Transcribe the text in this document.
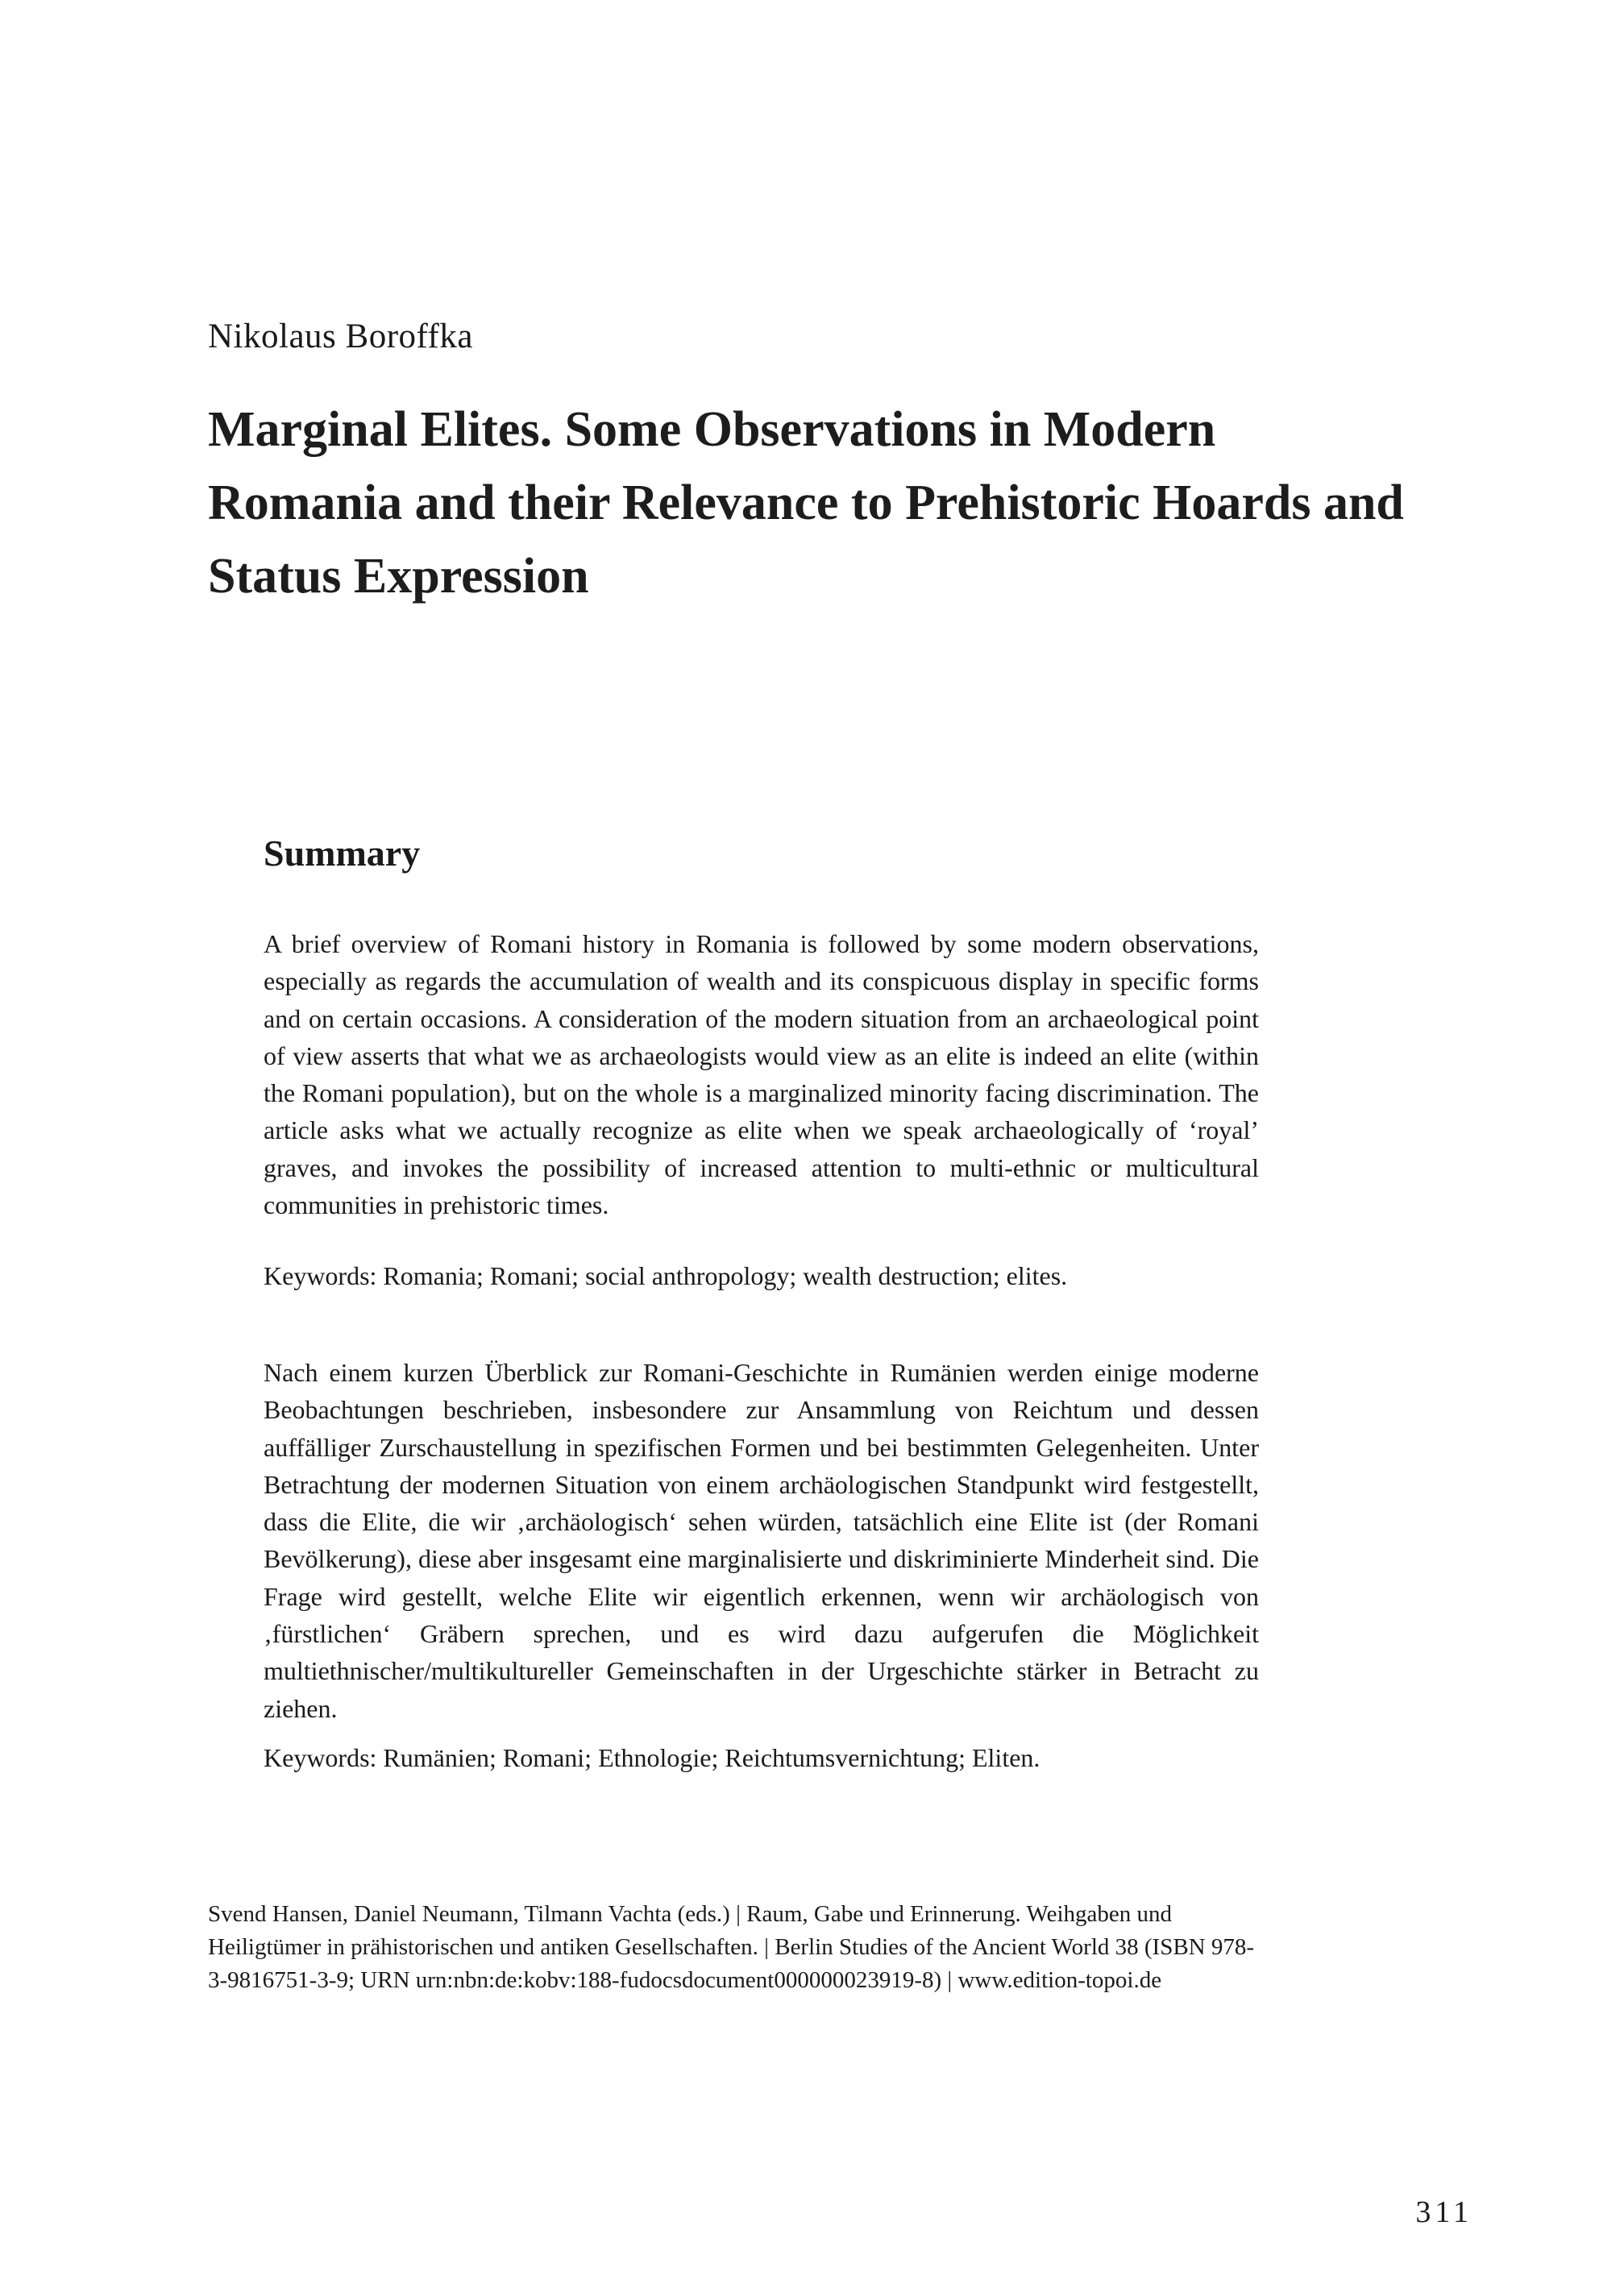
Nikolaus Boroffka
Marginal Elites. Some Observations in Modern Romania and their Relevance to Prehistoric Hoards and Status Expression
Summary

A brief overview of Romani history in Romania is followed by some modern observations, especially as regards the accumulation of wealth and its conspicuous display in specific forms and on certain occasions. A consideration of the modern situation from an archaeological point of view asserts that what we as archaeologists would view as an elite is indeed an elite (within the Romani population), but on the whole is a marginalized minority facing discrimination. The article asks what we actually recognize as elite when we speak archaeologically of ‘royal’ graves, and invokes the possibility of increased attention to multi-ethnic or multicultural communities in prehistoric times.

Keywords: Romania; Romani; social anthropology; wealth destruction; elites.

Nach einem kurzen Überblick zur Romani-Geschichte in Rumänien werden einige moderne Beobachtungen beschrieben, insbesondere zur Ansammlung von Reichtum und dessen auffälliger Zurschaustellung in spezifischen Formen und bei bestimmten Gelegenheiten. Unter Betrachtung der modernen Situation von einem archäologischen Standpunkt wird festgestellt, dass die Elite, die wir ‚archäologisch‘ sehen würden, tatsächlich eine Elite ist (der Romani Bevölkerung), diese aber insgesamt eine marginalisierte und diskriminierte Minderheit sind. Die Frage wird gestellt, welche Elite wir eigentlich erkennen, wenn wir archäologisch von ‚fürstlichen‘ Gräbern sprechen, und es wird dazu aufgerufen die Möglichkeit multiethnischer/multikultureller Gemeinschaften in der Urgeschichte stärker in Betracht zu ziehen.

Keywords: Rumänien; Romani; Ethnologie; Reichtumsvernichtung; Eliten.

Svend Hansen, Daniel Neumann, Tilmann Vachta (eds.) | Raum, Gabe und Erinnerung. Weihgaben und Heiligtümer in prähistorischen und antiken Gesellschaften. | Berlin Studies of the Ancient World 38 (ISBN 978-3-9816751-3-9; URN urn:nbn:de:kobv:188-fudocsdocument000000023919-8) | www.edition-topoi.de

311
